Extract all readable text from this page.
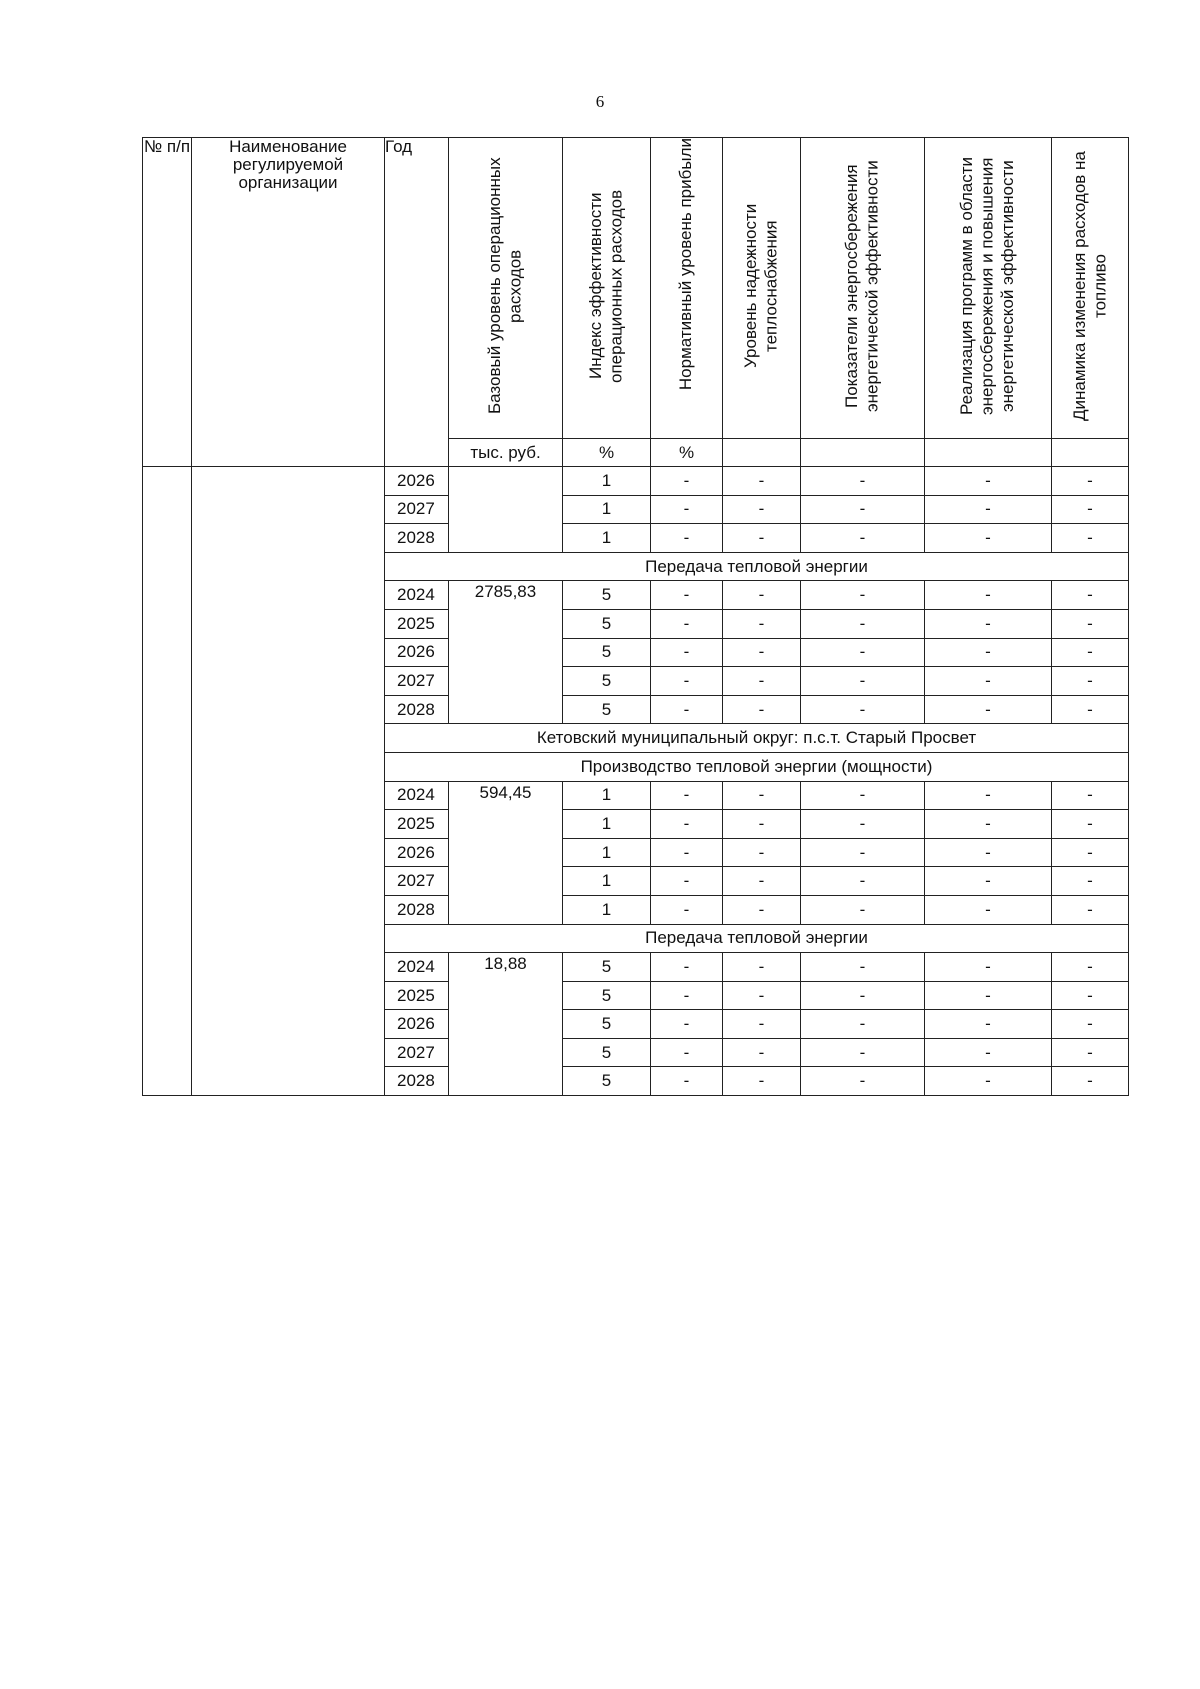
6
№ п/п	Наименование регулируемой организации	Год	Базовый уровень операционных расходов	Индекс эффективности операционных расходов	Нормативный уровень прибыли	Уровень надежности теплоснабжения	Показатели энергосбережения энергетической эффективности	Реализация программ в области энергосбережения и повышения энергетической эффективности	Динамика изменения расходов на топливо
			тыс. руб.	%	%				
		2026		1	-	-	-	-	-
		2027		1	-	-	-	-	-
		2028		1	-	-	-	-	-
		Передача тепловой энергии							
		2024	2785,83	5	-	-	-	-	-
		2025		5	-	-	-	-	-
		2026		5	-	-	-	-	-
		2027		5	-	-	-	-	-
		2028		5	-	-	-	-	-
		Кетовский муниципальный округ: п.с.т. Старый Просвет							
		Производство тепловой энергии (мощности)							
		2024	594,45	1	-	-	-	-	-
		2025		1	-	-	-	-	-
		2026		1	-	-	-	-	-
		2027		1	-	-	-	-	-
		2028		1	-	-	-	-	-
		Передача тепловой энергии							
		2024	18,88	5	-	-	-	-	-
		2025		5	-	-	-	-	-
		2026		5	-	-	-	-	-
		2027		5	-	-	-	-	-
		2028		5	-	-	-	-	-
